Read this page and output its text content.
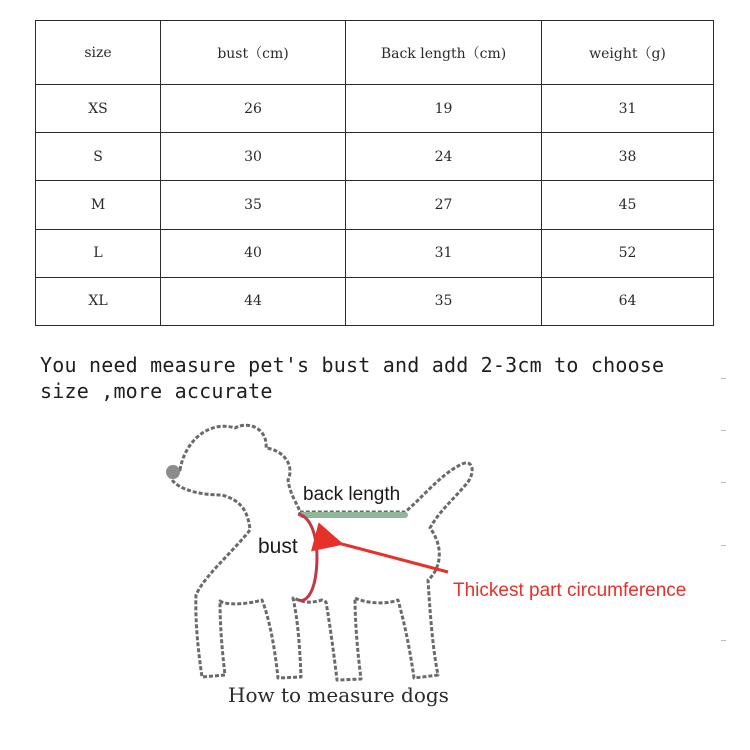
size	bust（cm)	Back length（cm)	weight（g)
XS	26	19	31
S	30	24	38
M	35	27	45
L	40	31	52
XL	44	35	64

You need measure pet's bust and add 2-3cm to choose size ,more accurate

back length
bust
Thickest part circumference
How to measure dogs
